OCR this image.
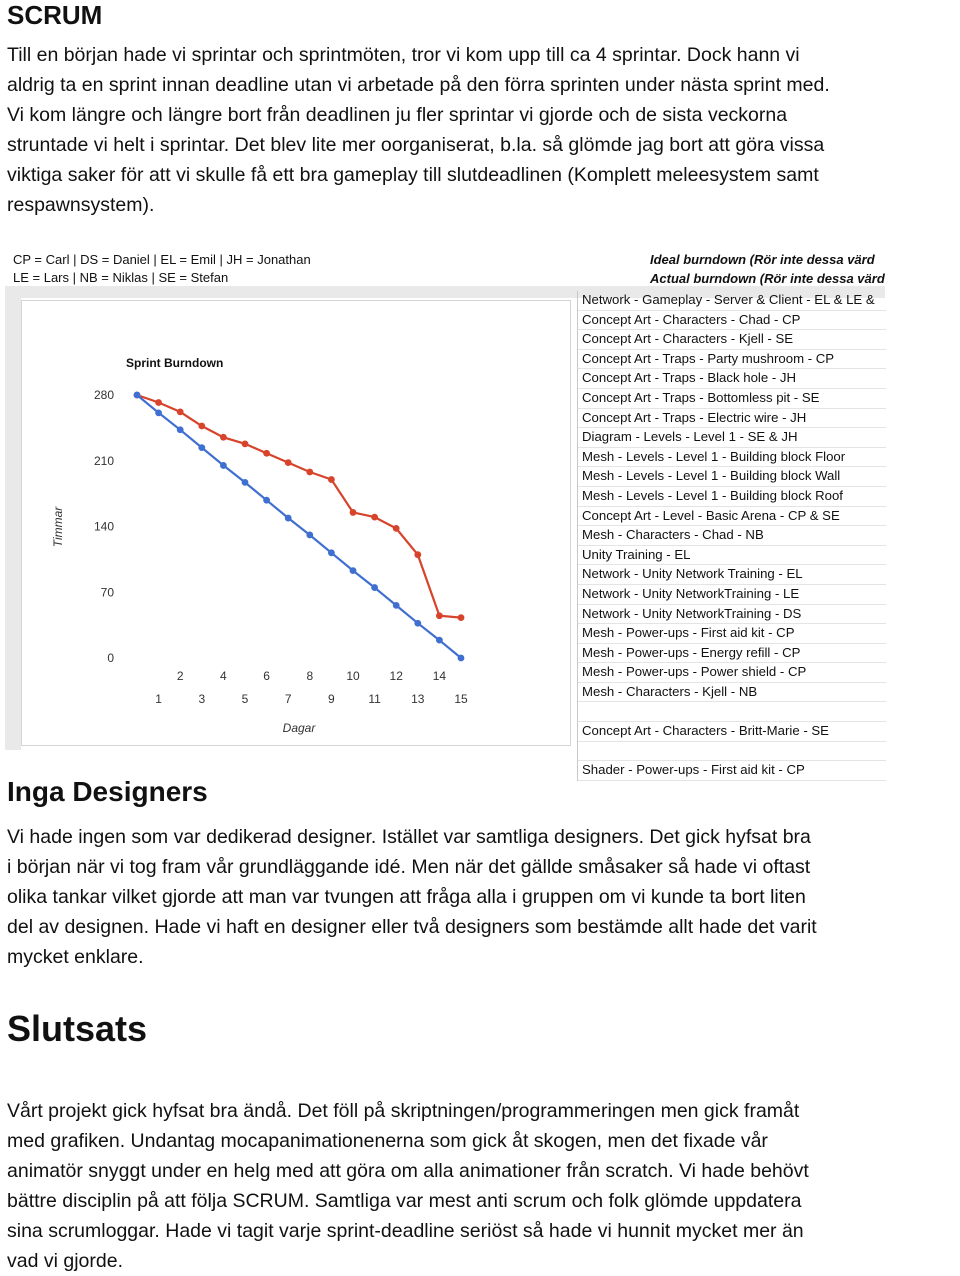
SCRUM
Till en början hade vi sprintar och sprintmöten, tror vi kom upp till ca 4 sprintar. Dock hann vi
aldrig ta en sprint innan deadline utan vi arbetade på den förra sprinten under nästa sprint med.
Vi kom längre och längre bort från deadlinen ju fler sprintar vi gjorde och de sista veckorna
struntade vi helt i sprintar. Det blev lite mer oorganiserat, b.la. så glömde jag bort att göra vissa
viktiga saker för att vi skulle få ett bra gameplay till slutdeadlinen (Komplett meleesystem samt
respawnsystem).
CP = Carl | DS = Daniel | EL = Emil | JH = Jonathan
LE = Lars | NB = Niklas | SE = Stefan
Ideal burndown (Rör inte dessa värd
Actual burndown (Rör inte dessa värd
Network - Gameplay - Server & Client - EL & LE &
Concept Art - Characters - Chad - CP
Concept Art - Characters - Kjell - SE
Concept Art - Traps - Party mushroom - CP
Concept Art - Traps - Black hole - JH
Concept Art - Traps - Bottomless pit - SE
Concept Art - Traps - Electric wire - JH
Diagram - Levels - Level 1 - SE & JH
Mesh - Levels - Level 1 - Building block Floor
Mesh - Levels - Level 1 - Building block Wall
Mesh - Levels - Level 1 - Building block Roof
Concept Art - Level - Basic Arena - CP & SE
Mesh - Characters - Chad - NB
Unity Training - EL
Network - Unity Network Training - EL
Network - Unity NetworkTraining - LE
Network - Unity NetworkTraining - DS
Mesh - Power-ups - First aid kit - CP
Mesh - Power-ups - Energy refill - CP
Mesh - Power-ups - Power shield - CP
Mesh - Characters - Kjell - NB
Concept Art - Characters - Britt-Marie - SE
Shader - Power-ups - First aid kit - CP
Sprint Burndown
280
210
140
70
0
Timmar
2	4	6	8	10 12 14
1	3	5	7	9	11	13 15
Dagar
Inga Designers
Vi hade ingen som var dedikerad designer. Istället var samtliga designers. Det gick hyfsat bra
i början när vi tog fram vår grundläggande idé. Men när det gällde småsaker så hade vi oftast
olika tankar vilket gjorde att man var tvungen att fråga alla i gruppen om vi kunde ta bort liten
del av designen. Hade vi haft en designer eller två designers som bestämde allt hade det varit
mycket enklare.
Slutsats
Vårt projekt gick hyfsat bra ändå. Det föll på skriptningen/programmeringen men gick framåt
med grafiken. Undantag mocapanimationenerna som gick åt skogen, men det fixade vår
animatör snyggt under en helg med att göra om alla animationer från scratch. Vi hade behövt
bättre disciplin på att följa SCRUM. Samtliga var mest anti scrum och folk glömde uppdatera
sina scrumloggar. Hade vi tagit varje sprint-deadline seriöst så hade vi hunnit mycket mer än
vad vi gjorde.
